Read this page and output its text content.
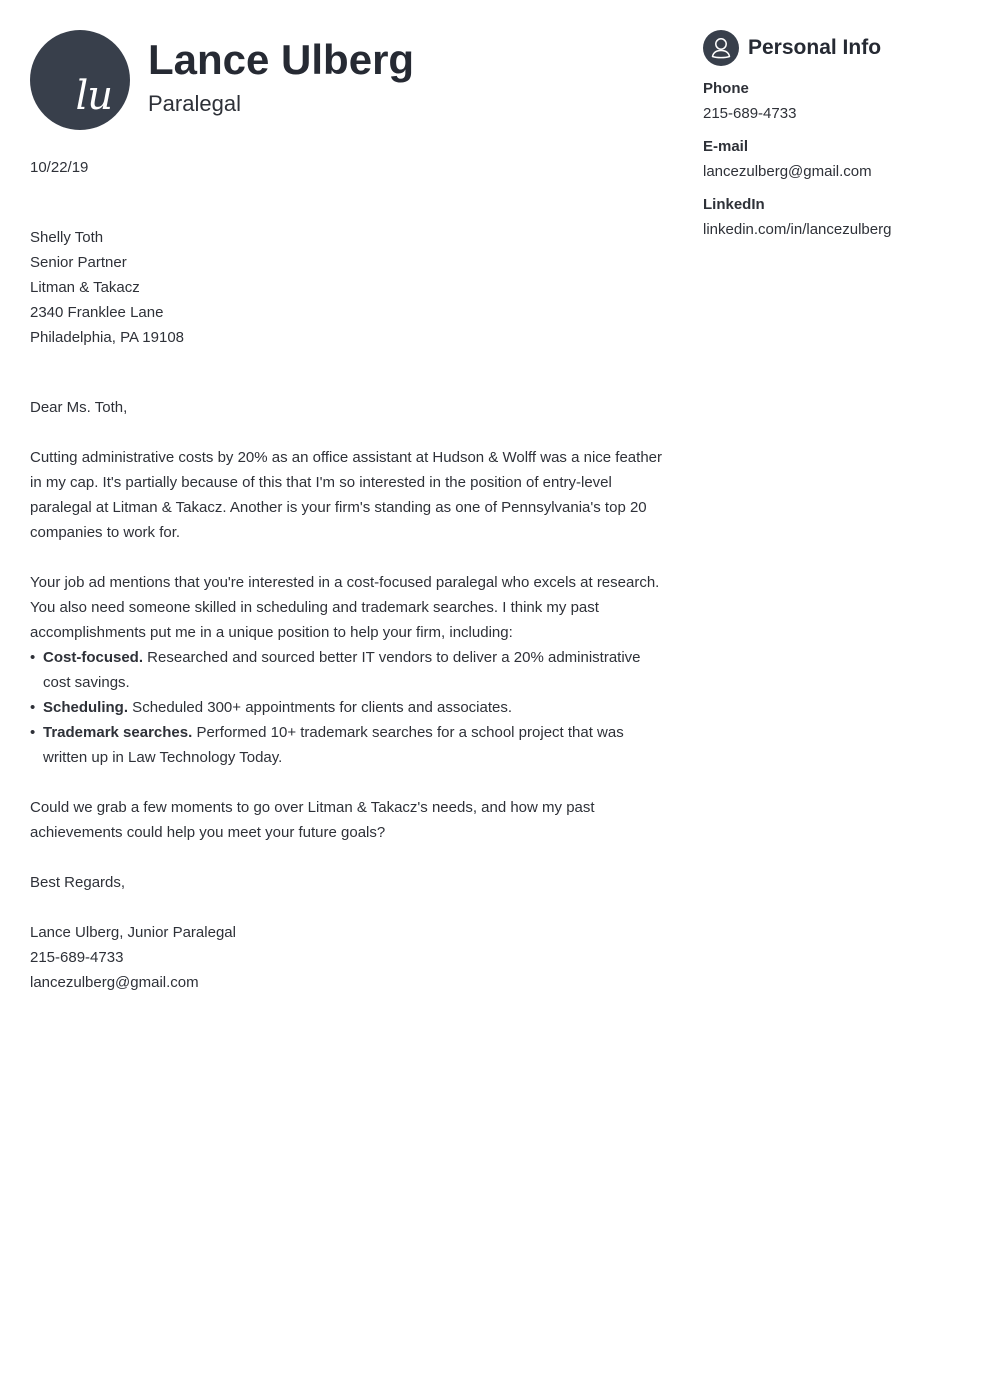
lu
Lance Ulberg

Paralegal

10/22/19

Shelly Toth

Senior Partner

Litman & Takacz

2340 Franklee Lane

Philadelphia, PA 19108

Dear Ms. Toth,

Cutting administrative costs by 20% as an office assistant at Hudson & Wolff was a nice feather in my cap. It's partially because of this that I'm so interested in the position of entry-level paralegal at Litman & Takacz. Another is your firm's standing as one of Pennsylvania's top 20 companies to work for.

Your job ad mentions that you're interested in a cost-focused paralegal who excels at research. You also need someone skilled in scheduling and trademark searches. I think my past accomplishments put me in a unique position to help your firm, including:

• Cost-focused. Researched and sourced better IT vendors to deliver a 20% administrative cost savings.
• Scheduling. Scheduled 300+ appointments for clients and associates.
• Trademark searches. Performed 10+ trademark searches for a school project that was written up in Law Technology Today.

Could we grab a few moments to go over Litman & Takacz's needs, and how my past achievements could help you meet your future goals?

Best Regards,

Lance Ulberg, Junior Paralegal

215-689-4733

lancezulberg@gmail.com

Personal Info

Phone

215-689-4733

E-mail

lancezulberg@gmail.com

LinkedIn

linkedin.com/in/lancezulberg
